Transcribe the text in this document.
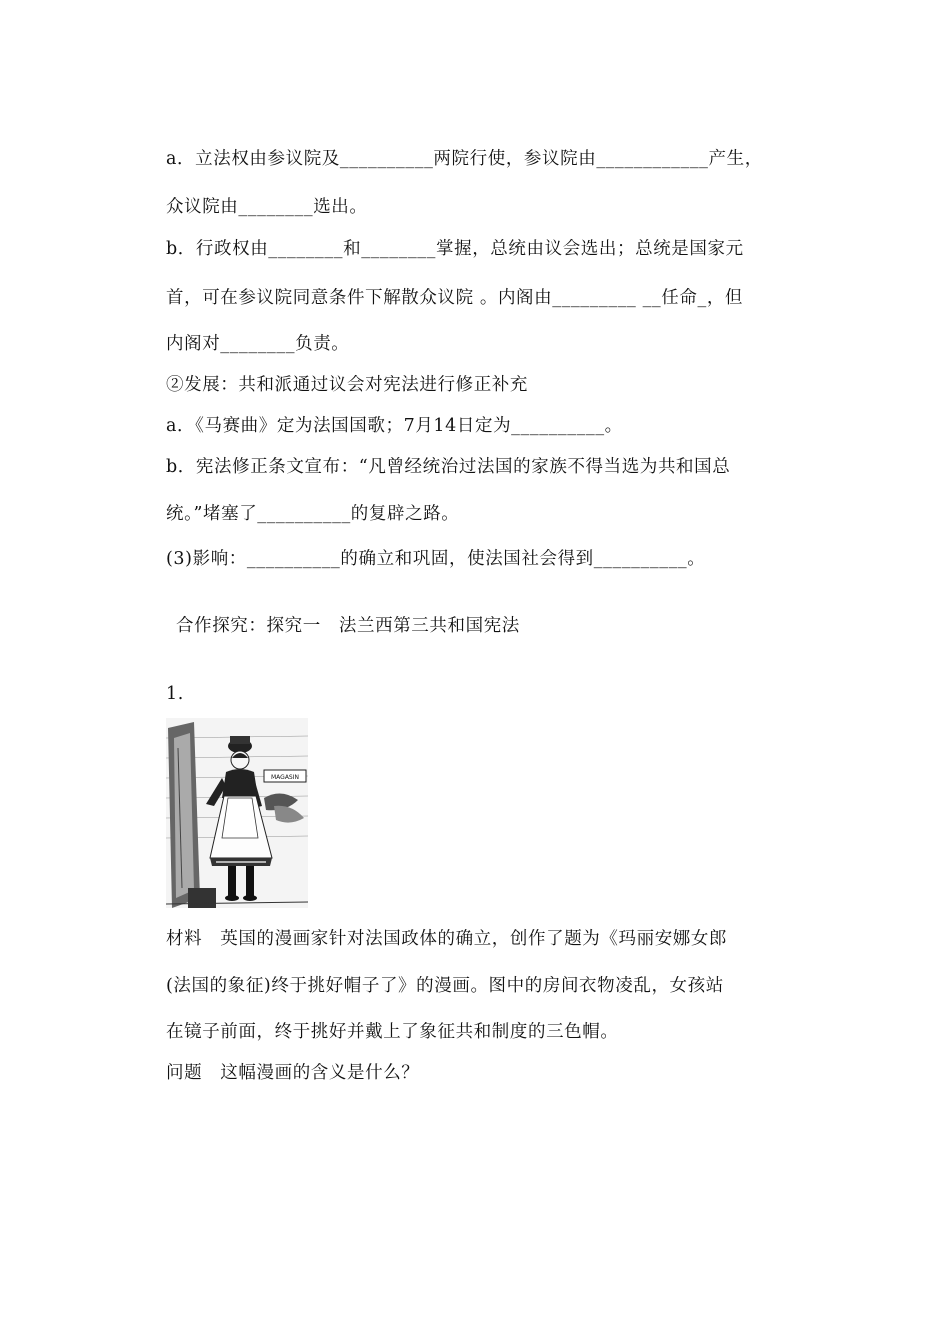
a．立法权由参议院及__________两院行使，参议院由____________产生，
众议院由________选出。
b．行政权由________和________掌握，总统由议会选出；总统是国家元
首，可在参议院同意条件下解散众议院 。内阁由_________ __任命_，但
内阁对________负责。
②发展：共和派通过议会对宪法进行修正补充
a．《马赛曲》定为法国国歌；7月14日定为__________。
b．宪法修正条文宣布：“凡曾经统治过法国的家族不得当选为共和国总
统。”堵塞了__________的复辟之路。
(3)影响：__________的确立和巩固，使法国社会得到__________。
合作探究：探究一　法兰西第三共和国宪法
1.
MAGASIN
材料　英国的漫画家针对法国政体的确立，创作了题为《玛丽安娜女郎
(法国的象征)终于挑好帽子了》的漫画。图中的房间衣物凌乱，女孩站
在镜子前面，终于挑好并戴上了象征共和制度的三色帽。
问题　这幅漫画的含义是什么？
